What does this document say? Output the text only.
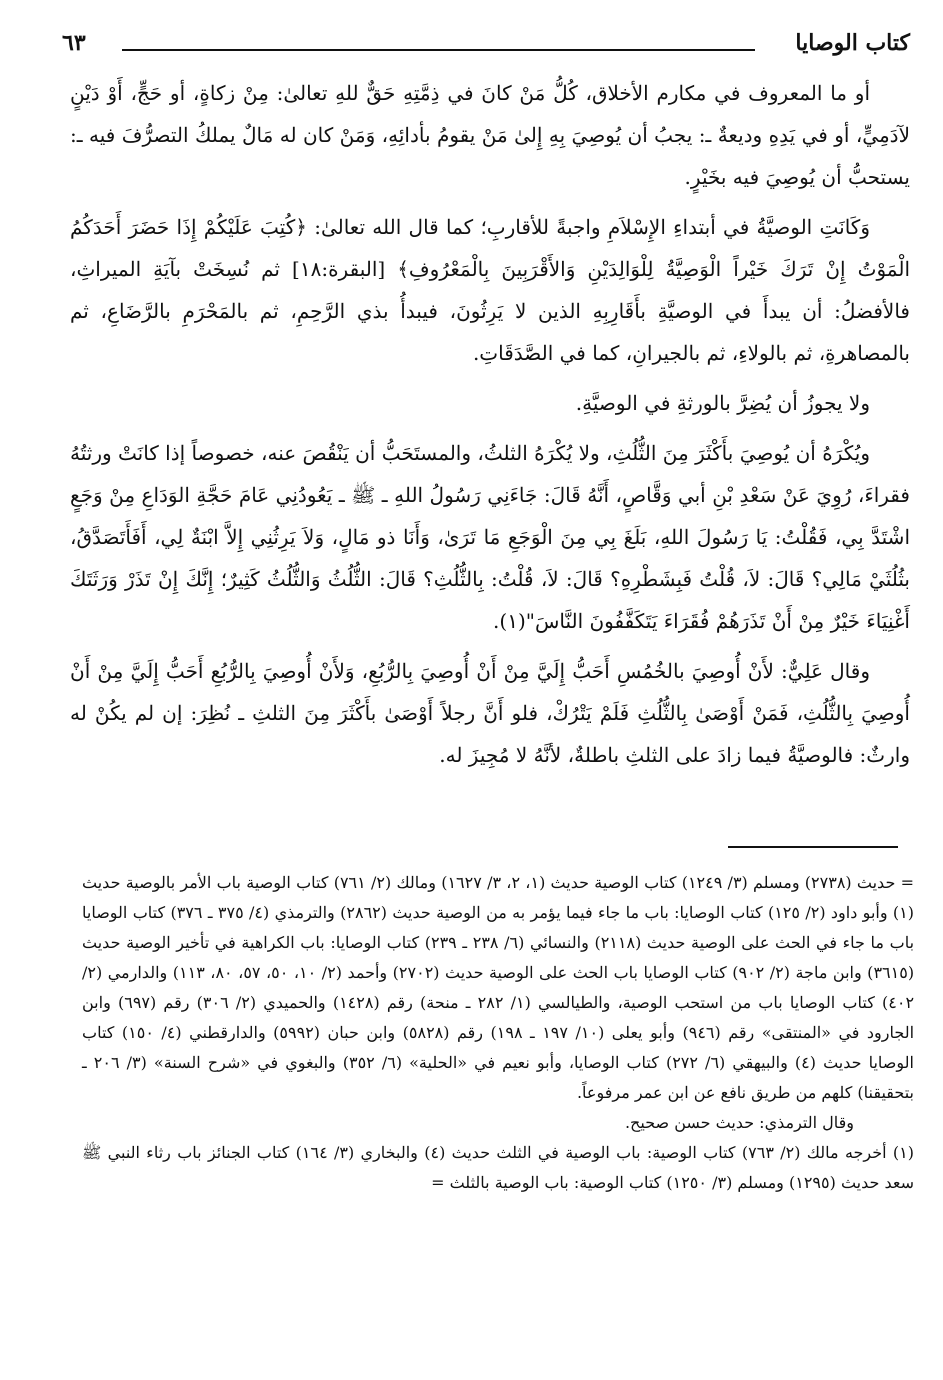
كتاب الوصايا
٦٣

أو ما المعروف في مكارم الأخلاق، كُلُّ مَنْ كانَ في ذِمَّتِهِ حَقٌّ للهِ تعالىٰ: مِنْ زكاةٍ، أو حَجٍّ، أَوْ دَيْنٍ لآدَمِيٍّ، أو في يَدِهِ وديعةٌ ـ: يجبُ أن يُوصِيَ بِهِ إِلىٰ مَنْ يقومُ بأدائِهِ، وَمَنْ كان له مَالٌ يملكُ التصرُّفَ فيه ـ: يستحبُّ أن يُوصِيَ فيه بخَيْرٍ.

وَكَانَتِ الوصيَّةُ في أبتداءِ الإِسْلاَمِ واجبةً للأقاربِ؛ كما قال الله تعالىٰ: ﴿كُتِبَ عَلَيْكُمْ إِذَا حَضَرَ أَحَدَكُمُ الْمَوْتُ إِنْ تَرَكَ خَيْراً الْوَصِيَّةُ لِلْوَالِدَيْنِ وَالأَقْرَبِينَ بِالْمَعْرُوفِ﴾ [البقرة:١٨] ثم نُسِخَتْ بآيَةِ الميراثِ، فالأفضلُ: أن يبدأَ في الوصيَّةِ بأَقَارِبِهِ الذين لا يَرِثُونَ، فيبدأُ بذي الرَّحِمِ، ثم بالمَحْرَمِ بالرَّضَاعِ، ثم بالمصاهرةِ، ثم بالولاءِ، ثم بالجيرانِ، كما في الصَّدَقَاتِ.

ولا يجوزُ أن يُضِرَّ بالورثةِ في الوصيَّةِ.

ويُكْرَهُ أن يُوصِيَ بأَكْثَرَ مِنَ الثُّلُثِ، ولا يُكْرَهُ الثلثُ، والمستَحَبُّ أن يَنْقُصَ عنه، خصوصاً إذا كانَتْ ورثتُهُ فقراءَ، رُوِيَ عَنْ سَعْدِ بْنِ أبي وَقَّاصٍ، أَنَّهُ قَالَ: جَاءَنِي رَسُولُ اللهِ ـ ﷺ ـ يَعُودُنِي عَامَ حَجَّةِ الوَدَاعِ مِنْ وَجَعٍ اشْتَدَّ بِي، فَقُلْتُ: يَا رَسُولَ اللهِ، بَلَغَ بِي مِنَ الْوَجَعِ مَا تَرَىٰ، وَأَنَا ذو مَالٍ، وَلاَ يَرِثُنِي إِلاَّ ابْنَةٌ لِي، أَفَأَتَصَدَّقُ، بثُلُثَيْ مَالِي؟ قَالَ: لاَ، قُلْتُ فَبِشَطْرِهِ؟ قَالَ: لاَ، قُلْتُ: بِالثُّلُثِ؟ قَالَ: الثُّلُثُ وَالثُّلُثُ كَثِيرٌ؛ إِنَّكَ إِنْ تَذَرْ وَرَثَتَكَ أَغْنِيَاءَ خَيْرٌ مِنْ أَنْ تَذَرَهُمْ فُقَرَاءَ يَتَكَفَّفُونَ النَّاسَ"(١).

وقال عَلِيٌّ: لأَنْ أُوصِيَ بالخُمُسِ أَحَبُّ إِلَيَّ مِنْ أَنْ أُوصِيَ بِالرُّبُعِ، وَلأَنْ أُوصِيَ بِالرُّبُعِ أَحَبُّ إِلَيَّ مِنْ أَنْ أُوصِيَ بِالثُّلُثِ، فَمَنْ أَوْصَىٰ بِالثُّلُثِ فَلَمْ يَتْرُكْ، فلو أَنَّ رجلاً أَوْصَىٰ بأَكْثَرَ مِنَ الثلثِ ـ نُظِرَ: إن لم يكُنْ له وارثٌ: فالوصيَّةُ فيما زادَ على الثلثِ باطلةٌ، لأنَّهُ لا مُجِيزَ له.

= حديث (٢٧٣٨) ومسلم (٣/ ١٢٤٩) كتاب الوصية حديث (١، ٢، ٣/ ١٦٢٧) ومالك (٢/ ٧٦١) كتاب الوصية باب الأمر بالوصية حديث (١) وأبو داود (٢/ ١٢٥) كتاب الوصايا: باب ما جاء فيما يؤمر به من الوصية حديث (٢٨٦٢) والترمذي (٤/ ٣٧٥ ـ ٣٧٦) كتاب الوصايا باب ما جاء في الحث على الوصية حديث (٢١١٨) والنسائي (٦/ ٢٣٨ ـ ٢٣٩) كتاب الوصايا: باب الكراهية في تأخير الوصية حديث (٣٦١٥) وابن ماجة (٢/ ٩٠٢) كتاب الوصايا باب الحث على الوصية حديث (٢٧٠٢) وأحمد (٢/ ١٠، ٥٠، ٥٧، ٨٠، ١١٣) والدارمي (٢/ ٤٠٢) كتاب الوصايا باب من استحب الوصية، والطيالسي (١/ ٢٨٢ ـ منحة) رقم (١٤٢٨) والحميدي (٢/ ٣٠٦) رقم (٦٩٧) وابن الجارود في «المنتقى» رقم (٩٤٦) وأبو يعلى (١٠/ ١٩٧ ـ ١٩٨) رقم (٥٨٢٨) وابن حبان (٥٩٩٢) والدارقطني (٤/ ١٥٠) كتاب الوصايا حديث (٤) والبيهقي (٦/ ٢٧٢) كتاب الوصايا، وأبو نعيم في «الحلية» (٦/ ٣٥٢) والبغوي في «شرح السنة» (٣/ ٢٠٦ ـ بتحقيقنا) كلهم من طريق نافع عن ابن عمر مرفوعاً.

وقال الترمذي: حديث حسن صحيح.

(١) أخرجه مالك (٢/ ٧٦٣) كتاب الوصية: باب الوصية في الثلث حديث (٤) والبخاري (٣/ ١٦٤) كتاب الجنائز باب رثاء النبي ﷺ سعد حديث (١٢٩٥) ومسلم (٣/ ١٢٥٠) كتاب الوصية: باب الوصية بالثلث =
